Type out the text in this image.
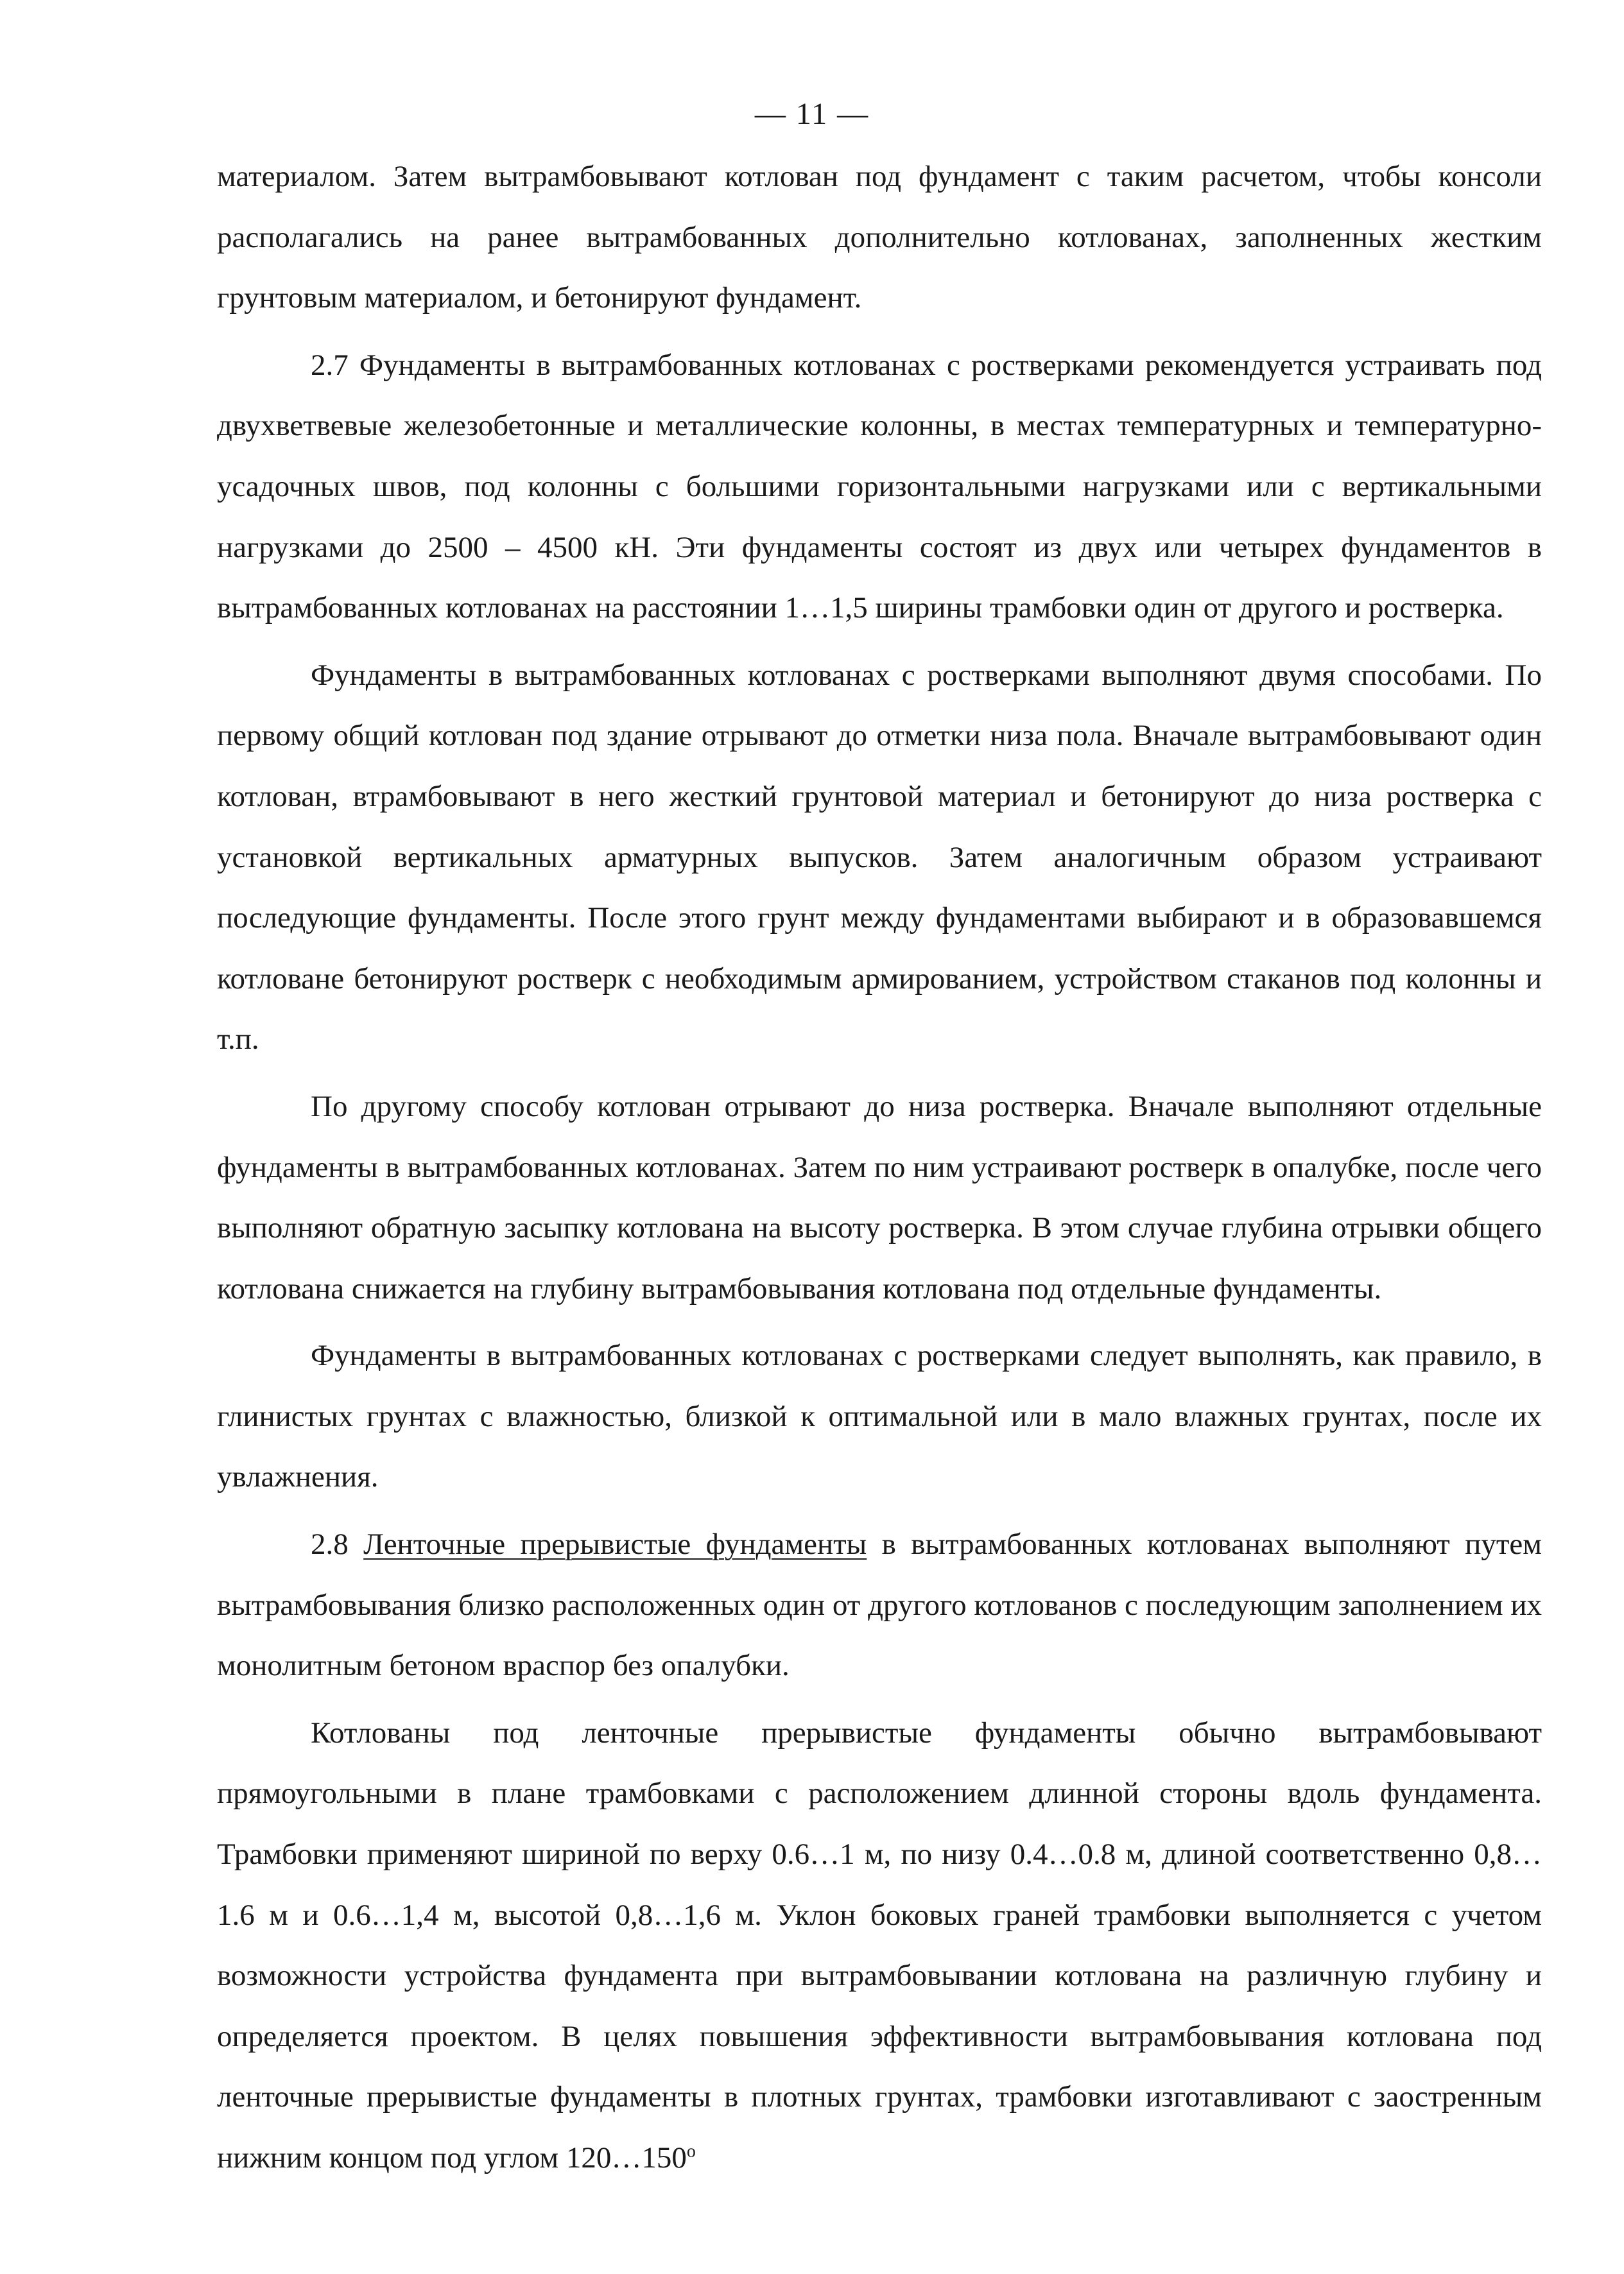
— 11 —

материалом. Затем вытрамбовывают котлован под фундамент с таким расчетом, чтобы консоли располагались на ранее вытрамбованных дополнительно котлованах, заполненных жестким грунтовым материалом, и бетонируют фундамент.

2.7 Фундаменты в вытрамбованных котлованах с ростверками рекомендуется устраивать под двухветвевые железобетонные и металлические колонны, в местах температурных и температурно-усадочных швов, под колонны с большими горизонтальными нагрузками или с вертикальными нагрузками до 2500 – 4500 кН. Эти фундаменты состоят из двух или четырех фундаментов в вытрамбованных котлованах на расстоянии 1…1,5 ширины трамбовки один от другого и ростверка.

Фундаменты в вытрамбованных котлованах с ростверками выполняют двумя способами. По первому общий котлован под здание отрывают до отметки низа пола. Вначале вытрамбовывают один котлован, втрамбовывают в него жесткий грунтовой материал и бетонируют до низа ростверка с установкой вертикальных арматурных выпусков. Затем аналогичным образом устраивают последующие фундаменты. После этого грунт между фундаментами выбирают и в образовавшемся котловане бетонируют ростверк с необходимым армированием, устройством стаканов под колонны и т.п.

По другому способу котлован отрывают до низа ростверка. Вначале выполняют отдельные фундаменты в вытрамбованных котлованах. Затем по ним устраивают ростверк в опалубке, после чего выполняют обратную засыпку котлована на высоту ростверка. В этом случае глубина отрывки общего котлована снижается на глубину вытрамбовывания котлована под отдельные фундаменты.

Фундаменты в вытрамбованных котлованах с ростверками следует выполнять, как правило, в глинистых грунтах с влажностью, близкой к оптимальной или в мало влажных грунтах, после их увлажнения.

2.8 Ленточные прерывистые фундаменты в вытрамбованных котлованах выполняют путем вытрамбовывания близко расположенных один от другого котлованов с последующим заполнением их монолитным бетоном враспор без опалубки.

Котлованы под ленточные прерывистые фундаменты обычно вытрамбовывают прямоугольными в плане трамбовками с расположением длинной стороны вдоль фундамента. Трамбовки применяют шириной по верху 0.6…1 м, по низу 0.4…0.8 м, длиной соответственно 0,8…1.6 м и 0.6…1,4 м, высотой 0,8…1,6 м. Уклон боковых граней трамбовки выполняется с учетом возможности устройства фундамента при вытрамбовывании котлована на различную глубину и определяется проектом. В целях повышения эффективности вытрамбовывания котлована под ленточные прерывистые фундаменты в плотных грунтах, трамбовки изготавливают с заостренным нижним концом под углом $120\dots 150^о$
